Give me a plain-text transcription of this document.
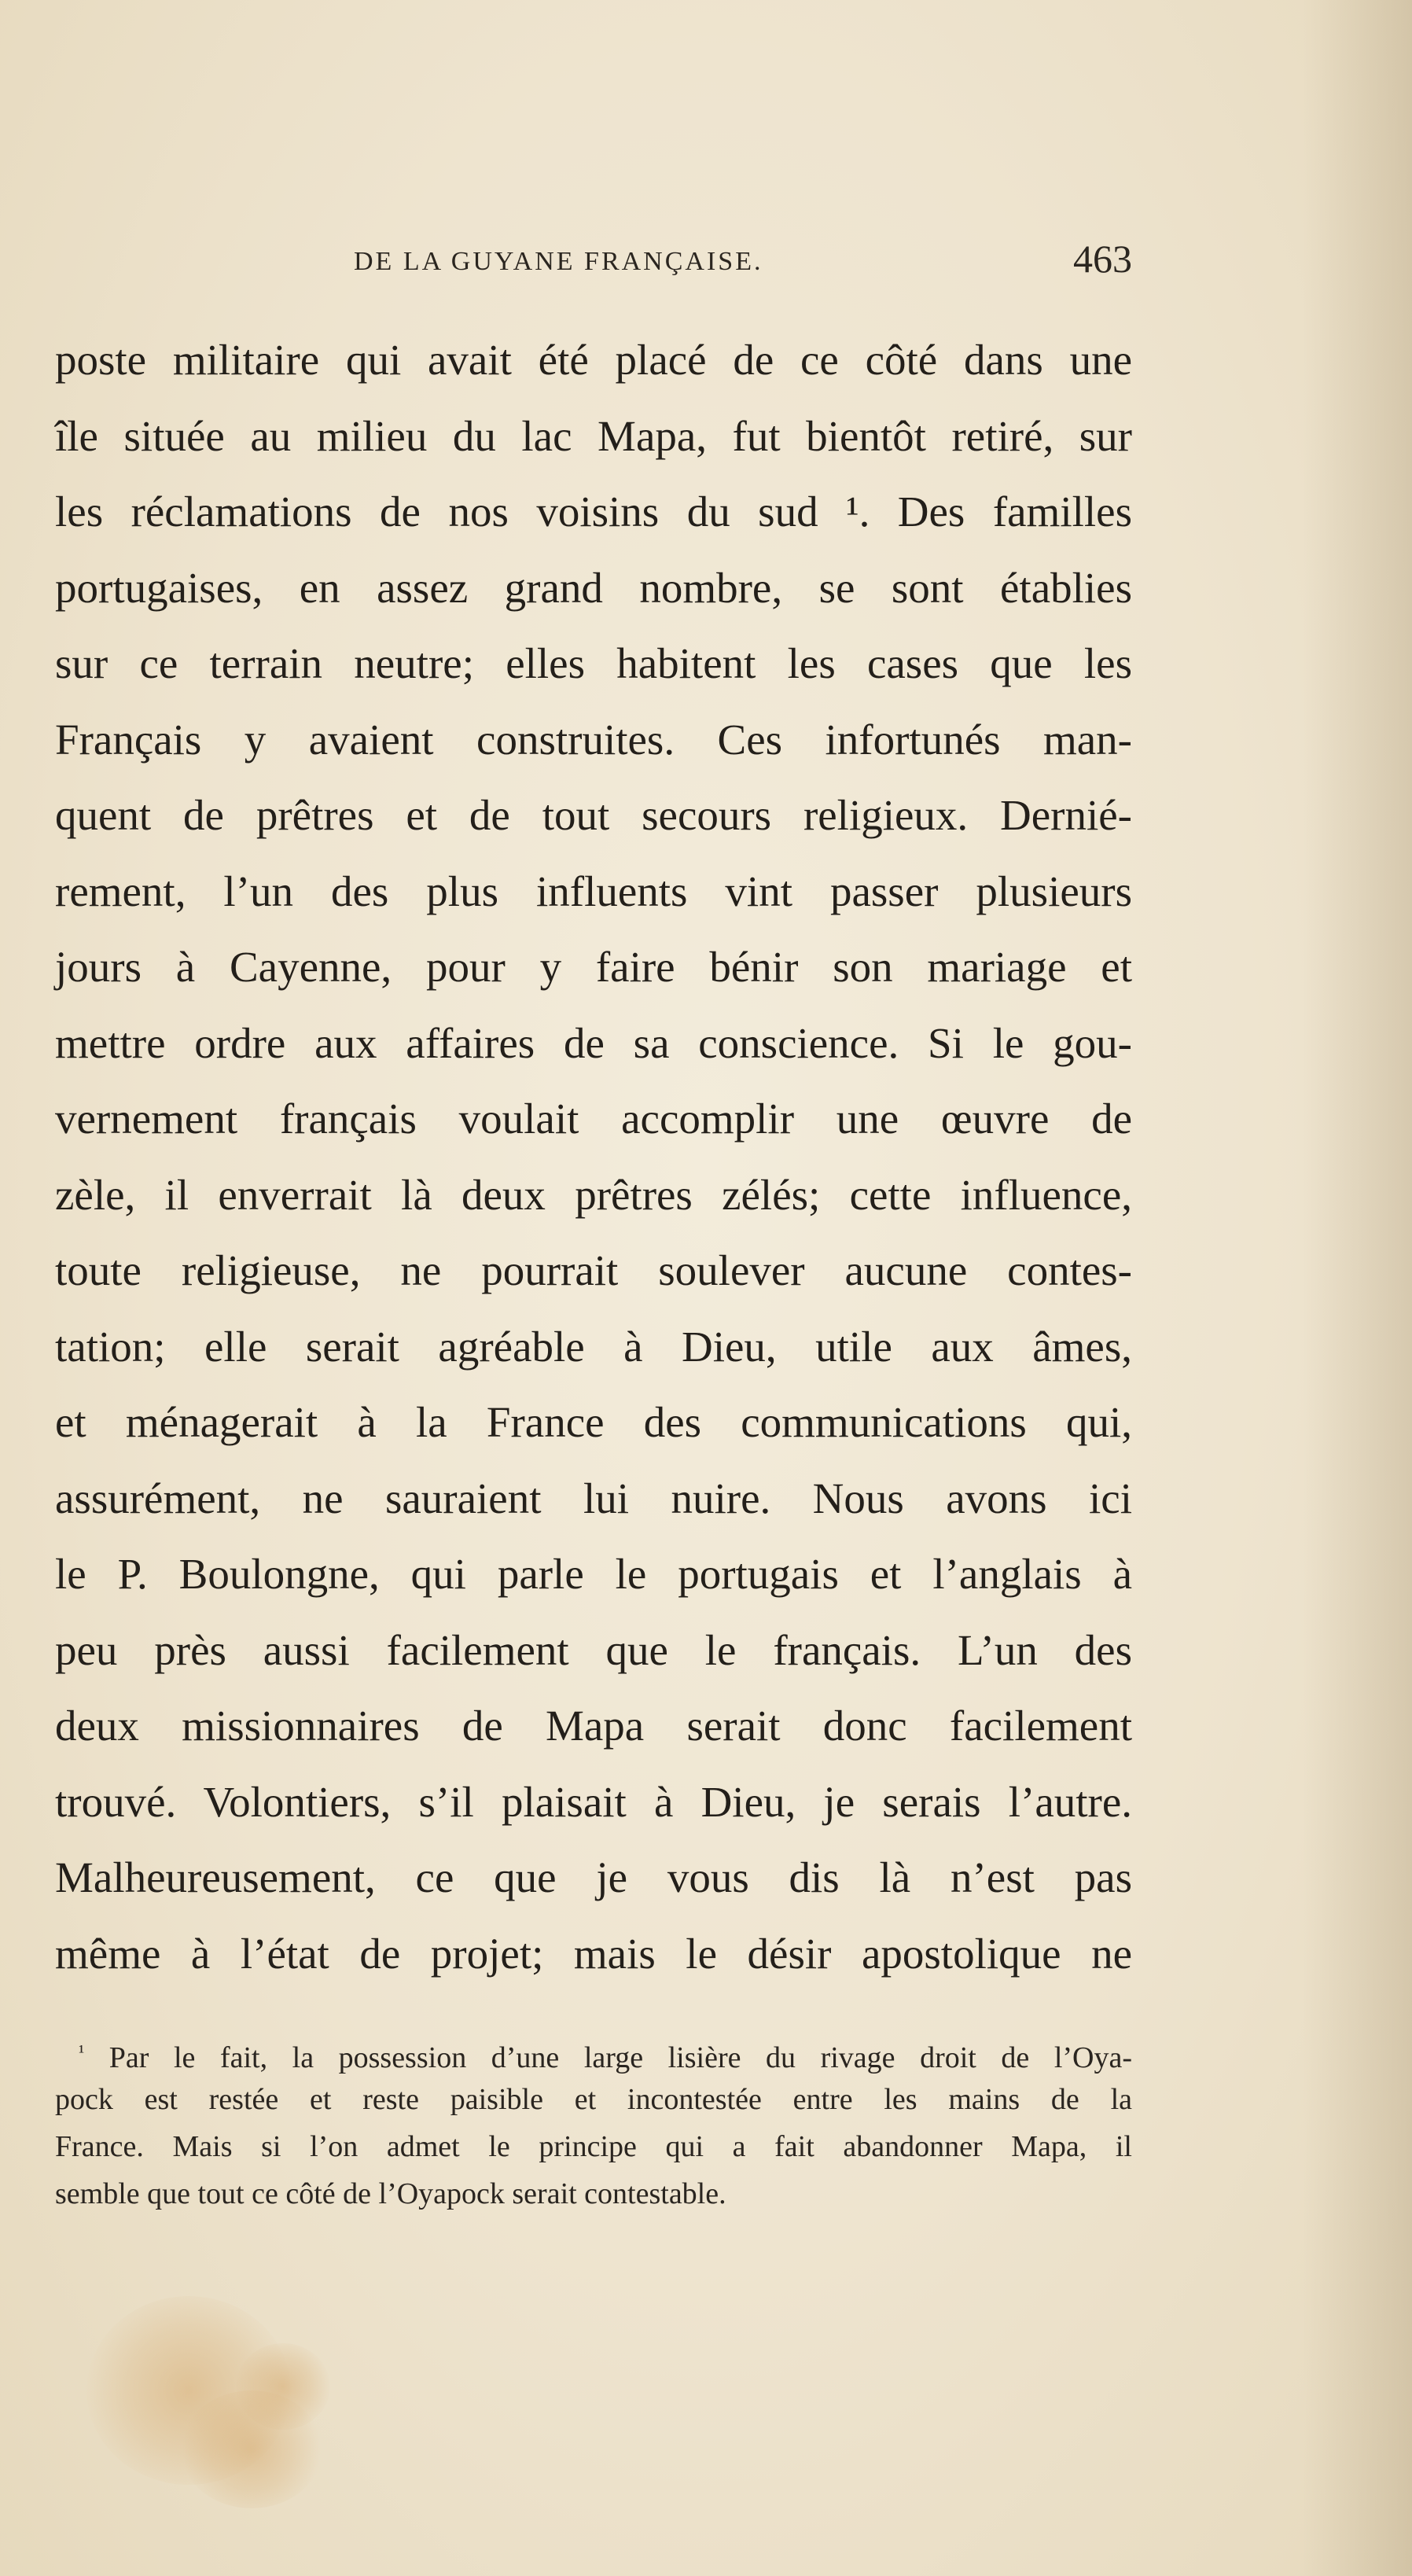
DE LA GUYANE FRANÇAISE.	463
poste militaire qui avait été placé de ce côté dans une
île située au milieu du lac Mapa, fut bientôt retiré, sur
les réclamations de nos voisins du sud ¹. Des familles
portugaises, en assez grand nombre, se sont établies
sur ce terrain neutre; elles habitent les cases que les
Français y avaient construites. Ces infortunés man-
quent de prêtres et de tout secours religieux. Dernié-
rement, l’un des plus influents vint passer plusieurs
jours à Cayenne, pour y faire bénir son mariage et
mettre ordre aux affaires de sa conscience. Si le gou-
vernement français voulait accomplir une œuvre de
zèle, il enverrait là deux prêtres zélés; cette influence,
toute religieuse, ne pourrait soulever aucune contes-
tation; elle serait agréable à Dieu, utile aux âmes,
et ménagerait à la France des communications qui,
assurément, ne sauraient lui nuire. Nous avons ici
le P. Boulongne, qui parle le portugais et l’anglais à
peu près aussi facilement que le français. L’un des
deux missionnaires de Mapa serait donc facilement
trouvé. Volontiers, s’il plaisait à Dieu, je serais l’autre.
Malheureusement, ce que je vous dis là n’est pas
même à l’état de projet; mais le désir apostolique ne
$^{^1}$ Par le fait, la possession d’une large lisière du rivage droit de l’Oya-
pock est restée et reste paisible et incontestée entre les mains de la
France. Mais si l’on admet le principe qui a fait abandonner Mapa, il
semble que tout ce côté de l’Oyapock serait contestable.
